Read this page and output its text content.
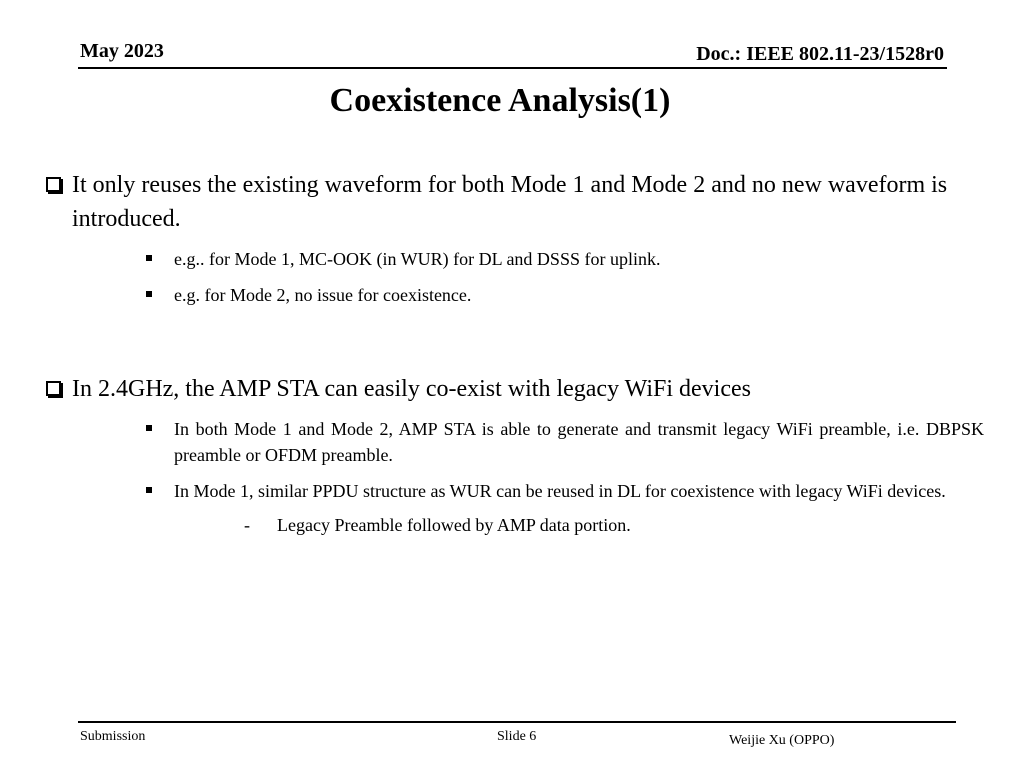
May 2023	Doc.: IEEE 802.11-23/1528r0
Coexistence Analysis(1)
It only reuses the existing waveform for both Mode 1 and Mode 2 and no new waveform is introduced.
e.g.. for Mode 1, MC-OOK (in WUR) for DL and DSSS for uplink.
e.g. for Mode 2, no issue for coexistence.
In 2.4GHz, the AMP STA can easily co-exist with legacy WiFi devices
In both Mode 1 and Mode 2, AMP STA is able to generate and transmit legacy WiFi preamble, i.e. DBPSK preamble or OFDM preamble.
In Mode 1, similar PPDU structure as WUR can be reused in DL for coexistence with legacy WiFi devices.
- Legacy Preamble followed by AMP data portion.
Submission	Slide 6	Weijie Xu (OPPO)
